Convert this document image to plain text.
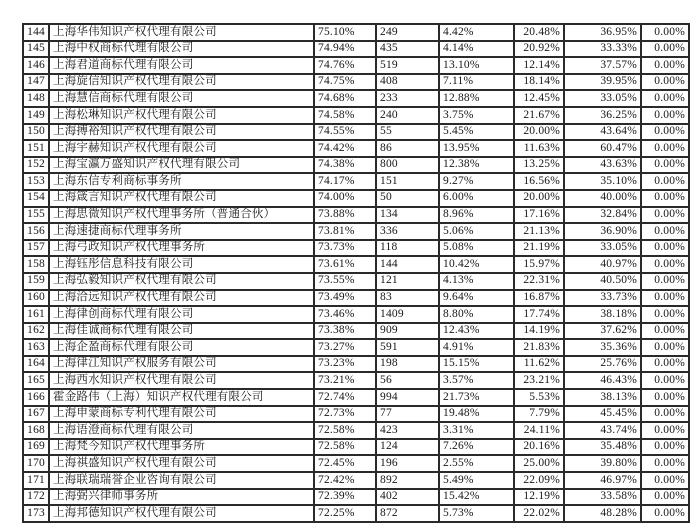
144	上海华伟知识产权代理有限公司	75.10%	249	4.42%	20.48%	36.95%	0.00%
145	上海中权商标代理有限公司	74.94%	435	4.14%	20.92%	33.33%	0.00%
146	上海君道商标代理有限公司	74.76%	519	13.10%	12.14%	37.57%	0.00%
147	上海旋信知识产权代理有限公司	74.75%	408	7.11%	18.14%	39.95%	0.00%
148	上海慧信商标代理有限公司	74.68%	233	12.88%	12.45%	33.05%	0.00%
149	上海松琳知识产权代理有限公司	74.58%	240	3.75%	21.67%	36.25%	0.00%
150	上海搏裕知识产权代理有限公司	74.55%	55	5.45%	20.00%	43.64%	0.00%
151	上海宇赫知识产权代理有限公司	74.42%	86	13.95%	11.63%	60.47%	0.00%
152	上海宝瀛万盛知识产权代理有限公司	74.38%	800	12.38%	13.25%	43.63%	0.00%
153	上海东信专利商标事务所	74.17%	151	9.27%	16.56%	35.10%	0.00%
154	上海箴言知识产权代理有限公司	74.00%	50	6.00%	20.00%	40.00%	0.00%
155	上海思微知识产权代理事务所（普通合伙）	73.88%	134	8.96%	17.16%	32.84%	0.00%
156	上海速捷商标代理事务所	73.81%	336	5.06%	21.13%	36.90%	0.00%
157	上海弓政知识产权代理事务所	73.73%	118	5.08%	21.19%	33.05%	0.00%
158	上海钰彤信息科技有限公司	73.61%	144	10.42%	15.97%	40.97%	0.00%
159	上海弘毅知识产权代理有限公司	73.55%	121	4.13%	22.31%	40.50%	0.00%
160	上海洽远知识产权代理有限公司	73.49%	83	9.64%	16.87%	33.73%	0.00%
161	上海律创商标代理有限公司	73.46%	1409	8.80%	17.74%	38.18%	0.00%
162	上海佳诚商标代理有限公司	73.38%	909	12.43%	14.19%	37.62%	0.00%
163	上海企盈商标代理有限公司	73.27%	591	4.91%	21.83%	35.36%	0.00%
164	上海律江知识产权服务有限公司	73.23%	198	15.15%	11.62%	25.76%	0.00%
165	上海西水知识产权代理有限公司	73.21%	56	3.57%	23.21%	46.43%	0.00%
166	霍金路伟（上海）知识产权代理有限公司	72.74%	994	21.73%	5.53%	38.13%	0.00%
167	上海申蒙商标专利代理有限公司	72.73%	77	19.48%	7.79%	45.45%	0.00%
168	上海语澄商标代理有限公司	72.58%	423	3.31%	24.11%	43.74%	0.00%
169	上海梵今知识产权代理事务所	72.58%	124	7.26%	20.16%	35.48%	0.00%
170	上海祺盛知识产权代理有限公司	72.45%	196	2.55%	25.00%	39.80%	0.00%
171	上海联瑞瑞誉企业咨询有限公司	72.42%	892	5.49%	22.09%	46.97%	0.00%
172	上海弼兴律师事务所	72.39%	402	15.42%	12.19%	33.58%	0.00%
173	上海邦德知识产权代理有限公司	72.25%	872	5.73%	22.02%	48.28%	0.00%
